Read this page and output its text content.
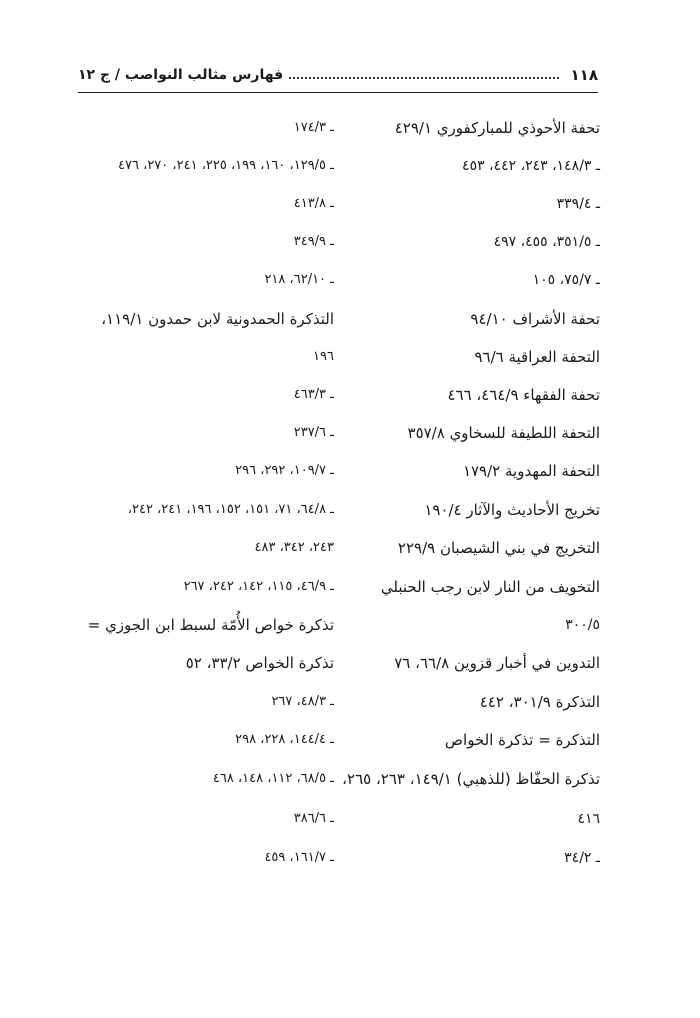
١١٨
فهارس مثالب النواصب / ج ١٢
تحفة الأحوذي للمباركفوري ٤٢٩/١
ـ ١٤٨/٣، ٢٤٣، ٤٤٢، ٤٥٣
ـ ٣٣٩/٤
ـ ٣٥١/٥، ٤٥٥، ٤٩٧
ـ ٧٥/٧، ١٠٥
تحفة الأشراف ٩٤/١٠
التحفة العراقية ٩٦/٦
تحفة الفقهاء ٤٦٤/٩، ٤٦٦
التحفة اللطيفة للسخاوي ٣٥٧/٨
التحفة المهدوية ١٧٩/٢
تخريج الأحاديث والآثار ١٩٠/٤
التخريج في بني الشيصبان ٢٢٩/٩
التخويف من النار لابن رجب الحنبلي
٣٠٠/٥
التدوين في أخبار قزوين ٦٦/٨، ٧٦
التذكرة ٣٠١/٩، ٤٤٢
التذكرة = تذكرة الخواص
تذكرة الحفّاظ (للذهبي) ١٤٩/١، ٢٦٣، ٢٦٥،
٤١٦
ـ ٣٤/٢
ـ ١٧٤/٣
ـ ١٢٩/٥، ١٦٠، ١٩٩، ٢٢٥، ٢٤١، ٢٧٠، ٤٧٦
ـ ٤١٣/٨
ـ ٣٤٩/٩
ـ ٦٢/١٠، ٢١٨
التذكرة الحمدونية لابن حمدون ١١٩/١،
١٩٦
ـ ٤٦٣/٣
ـ ٢٣٧/٦
ـ ١٠٩/٧، ٢٩٢، ٢٩٦
ـ ٦٤/٨، ٧١، ١٥١، ١٥٢، ١٩٦، ٢٤١، ٢٤٢،
٢٤٣، ٣٤٢، ٤٨٣
ـ ٤٦/٩، ١١٥، ١٤٢، ٢٤٢، ٢٦٧
تذكرة خواص الأُمّة لسبط ابن الجوزي =
تذكرة الخواص ٣٣/٢، ٥٢
ـ ٤٨/٣، ٢٦٧
ـ ١٤٤/٤، ٢٢٨، ٢٩٨
ـ ٦٨/٥، ١١٢، ١٤٨، ٤٦٨
ـ ٣٨٦/٦
ـ ١٦١/٧، ٤٥٩
